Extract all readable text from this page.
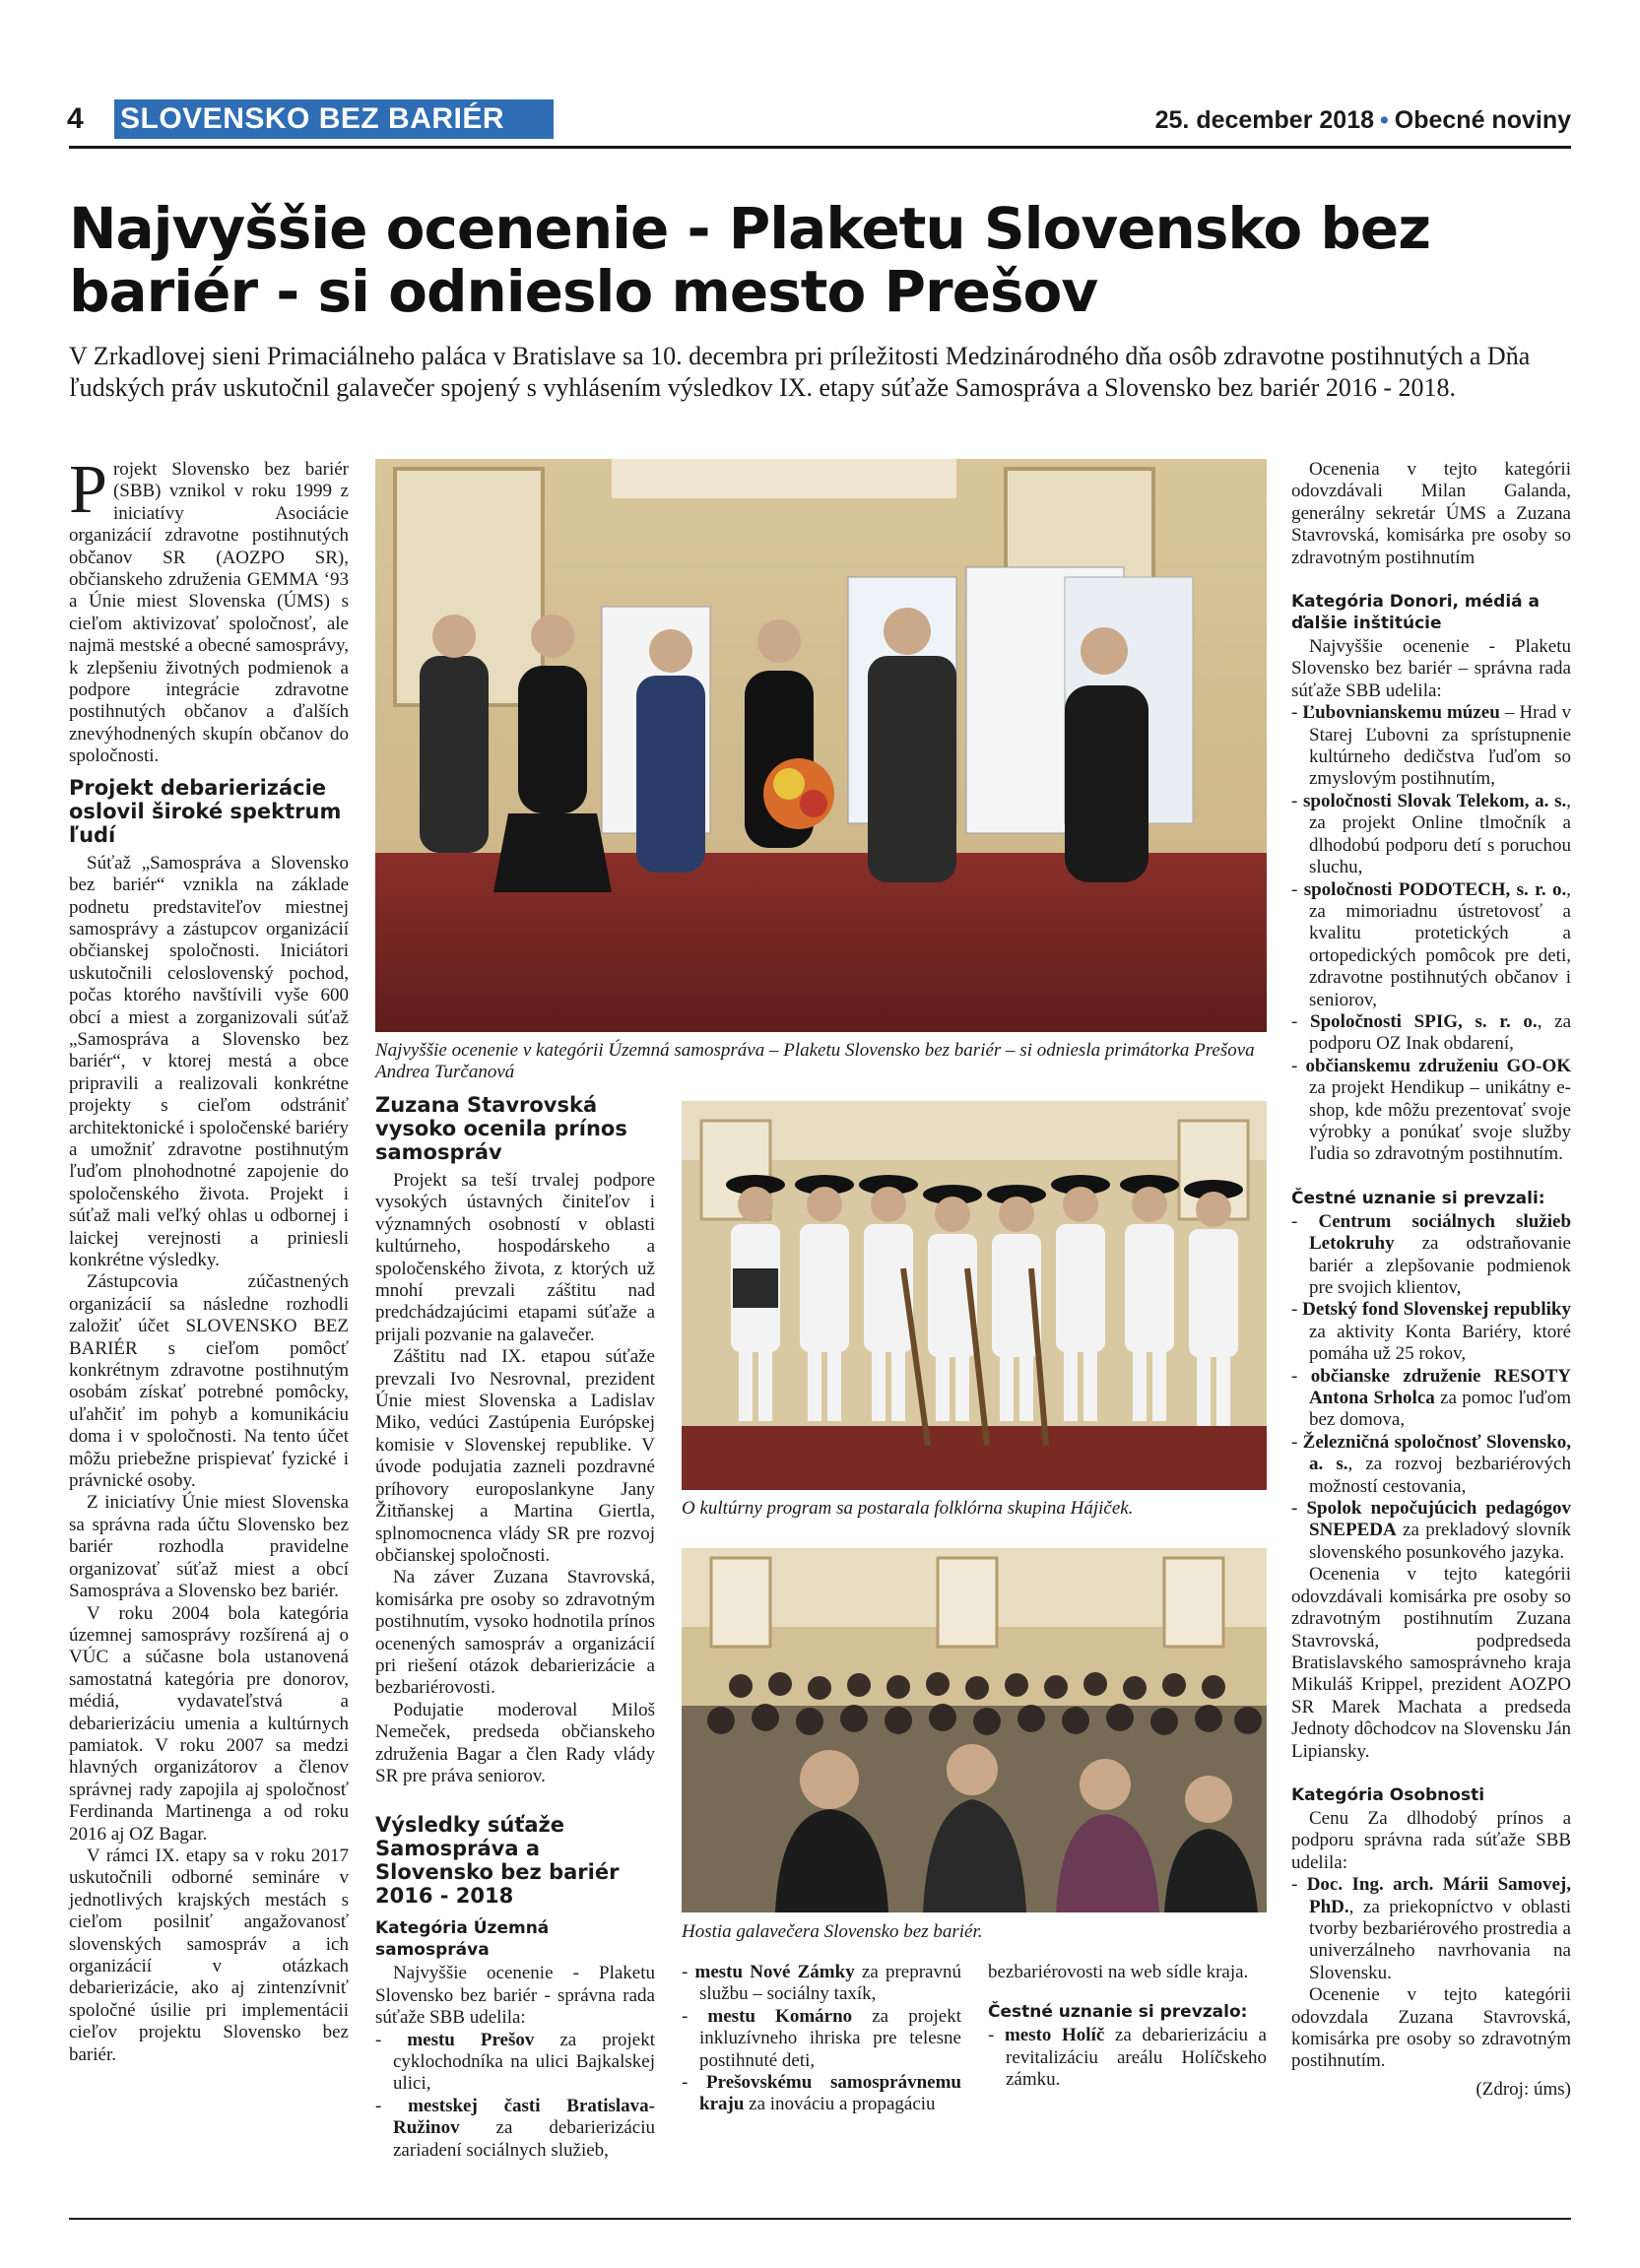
4 SLOVENSKO BEZ BARIÉR	25. december 2018 • Obecné noviny
Najvyššie ocenenie - Plaketu Slovensko bez bariér - si odnieslo mesto Prešov

V Zrkadlovej sieni Primaciálneho paláca v Bratislave sa 10. decembra pri príležitosti Medzinárodného dňa osôb zdravotne postihnutých a Dňa ľudských práv uskutočnil galavečer spojený s vyhlásením výsledkov IX. etapy súťaže Samospráva a Slovensko bez bariér 2016 - 2018.

Projekt Slovensko bez bariér (SBB) vznikol v roku 1999 z iniciatívy Asociácie organizácií zdravotne postihnutých občanov SR (AOZPO SR), občianskeho združenia GEMMA ‘93 a Únie miest Slovenska (ÚMS) s cieľom aktivizovať spoločnosť, ale najmä mestské a obecné samosprávy, k zlepšeniu životných podmienok a podpore integrácie zdravotne postihnutých občanov a ďalších znevýhodnených skupín občanov do spoločnosti.

Projekt debarierizácie oslovil široké spektrum ľudí

Súťaž „Samospráva a Slovensko bez bariér“ vznikla na základe podnetu predstaviteľov miestnej samosprávy a zástupcov organizácií občianskej spoločnosti. Iniciátori uskutočnili celoslovenský pochod, počas ktorého navštívili vyše 600 obcí a miest a zorganizovali súťaž „Samospráva a Slovensko bez bariér“, v ktorej mestá a obce pripravili a realizovali konkrétne projekty s cieľom odstrániť architektonické i spoločenské bariéry a umožniť zdravotne postihnutým ľuďom plnohodnotné zapojenie do spoločenského života. Projekt i súťaž mali veľký ohlas u odbornej i laickej verejnosti a priniesli konkrétne výsledky.

Zástupcovia zúčastnených organizácií sa následne rozhodli založiť účet SLOVENSKO BEZ BARIÉR s cieľom pomôcť konkrétnym zdravotne postihnutým osobám získať potrebné pomôcky, uľahčiť im pohyb a komunikáciu doma i v spoločnosti. Na tento účet môžu priebežne prispievať fyzické i právnické osoby.

Z iniciatívy Únie miest Slovenska sa správna rada účtu Slovensko bez bariér rozhodla pravidelne organizovať súťaž miest a obcí Samospráva a Slovensko bez bariér.

V roku 2004 bola kategória územnej samosprávy rozšírená aj o VÚC a súčasne bola ustanovená samostatná kategória pre donorov, médiá, vydavateľstvá a debarierizáciu umenia a kultúrnych pamiatok. V roku 2007 sa medzi hlavných organizátorov a členov správnej rady zapojila aj spoločnosť Ferdinanda Martinenga a od roku 2016 aj OZ Bagar.

V rámci IX. etapy sa v roku 2017 uskutočnili odborné semináre v jednotlivých krajských mestách s cieľom posilniť angažovanosť slovenských samospráv a ich organizácií v otázkach debarierizácie, ako aj zintenzívniť spoločné úsilie pri implementácii cieľov projektu Slovensko bez bariér.

Najvyššie ocenenie v kategórii Územná samospráva – Plaketu Slovensko bez bariér – si odniesla primátorka Prešova Andrea Turčanová
Zuzana Stavrovská vysoko ocenila prínos samospráv

Projekt sa teší trvalej podpore vysokých ústavných činiteľov i významných osobností v oblasti kultúrneho, hospodárskeho a spoločenského života, z ktorých už mnohí prevzali záštitu nad predchádzajúcimi etapami súťaže a prijali pozvanie na galavečer.

Záštitu nad IX. etapou súťaže prevzali Ivo Nesrovnal, prezident Únie miest Slovenska a Ladislav Miko, vedúci Zastúpenia Európskej komisie v Slovenskej republike. V úvode podujatia zazneli pozdravné príhovory europoslankyne Jany Žitňanskej a Martina Giertla, splnomocnenca vlády SR pre rozvoj občianskej spoločnosti.

Na záver Zuzana Stavrovská, komisárka pre osoby so zdravotným postihnutím, vysoko hodnotila prínos ocenených samospráv a organizácií pri riešení otázok debarierizácie a bezbariérovosti.

Podujatie moderoval Miloš Nemeček, predseda občianskeho združenia Bagar a člen Rady vlády SR pre práva seniorov.

Výsledky súťaže Samospráva a Slovensko bez bariér 2016 - 2018
Kategória Územná samospráva

Najvyššie ocenenie - Plaketu Slovensko bez bariér - správna rada súťaže SBB udelila:

- mestu Prešov za projekt cyklochodníka na ulici Bajkalskej ulici,
- mestskej časti Bratislava-Ružinov za debarierizáciu zariadení sociálnych služieb,
O kultúrny program sa postarala folklórna skupina Hájiček.
Hostia galavečera Slovensko bez bariér.
- mestu Nové Zámky za prepravnú službu – sociálny taxík,
- mestu Komárno za projekt inkluzívneho ihriska pre telesne postihnuté deti,
- Prešovskému samosprávnemu kraju za inováciu a propagáciu

bezbariérovosti na web sídle kraja.

Čestné uznanie si prevzalo:
- mesto Holíč za debarierizáciu a revitalizáciu areálu Holíčskeho zámku.

Ocenenia v tejto kategórii odovzdávali Milan Galanda, generálny sekretár ÚMS a Zuzana Stavrovská, komisárka pre osoby so zdravotným postihnutím

Kategória Donori, médiá a ďalšie inštitúcie

Najvyššie ocenenie - Plaketu Slovensko bez bariér – správna rada súťaže SBB udelila:

- Ľubovnianskemu múzeu – Hrad v Starej Ľubovni za sprístupnenie kultúrneho dedičstva ľuďom so zmyslovým postihnutím,
- spoločnosti Slovak Telekom, a. s., za projekt Online tlmočník a dlhodobú podporu detí s poruchou sluchu,
- spoločnosti PODOTECH, s. r. o., za mimoriadnu ústretovosť a kvalitu protetických a ortopedických pomôcok pre deti, zdravotne postihnutých občanov i seniorov,
- Spoločnosti SPIG, s. r. o., za podporu OZ Inak obdarení,
- občianskemu združeniu GO-OK za projekt Hendikup – unikátny e-shop, kde môžu prezentovať svoje výrobky a ponúkať svoje služby ľudia so zdravotným postihnutím.
Čestné uznanie si prevzali:
- Centrum sociálnych služieb Letokruhy za odstraňovanie bariér a zlepšovanie podmienok pre svojich klientov,
- Detský fond Slovenskej republiky za aktivity Konta Bariéry, ktoré pomáha už 25 rokov,
- občianske združenie RESOTY Antona Srholca za pomoc ľuďom bez domova,
- Železničná spoločnosť Slovensko, a. s., za rozvoj bezbariérových možností cestovania,
- Spolok nepočujúcich pedagógov SNEPEDA za prekladový slovník slovenského posunkového jazyka.

Ocenenia v tejto kategórii odovzdávali komisárka pre osoby so zdravotným postihnutím Zuzana Stavrovská, podpredseda Bratislavského samosprávneho kraja Mikuláš Krippel, prezident AOZPO SR Marek Machata a predseda Jednoty dôchodcov na Slovensku Ján Lipiansky.

Kategória Osobnosti

Cenu Za dlhodobý prínos a podporu správna rada súťaže SBB udelila:

- Doc. Ing. arch. Márii Samovej, PhD., za priekopníctvo v oblasti tvorby bezbariérového prostredia a univerzálneho navrhovania na Slovensku.

Ocenenie v tejto kategórii odovzdala Zuzana Stavrovská, komisárka pre osoby so zdravotným postihnutím.

(Zdroj: úms)
